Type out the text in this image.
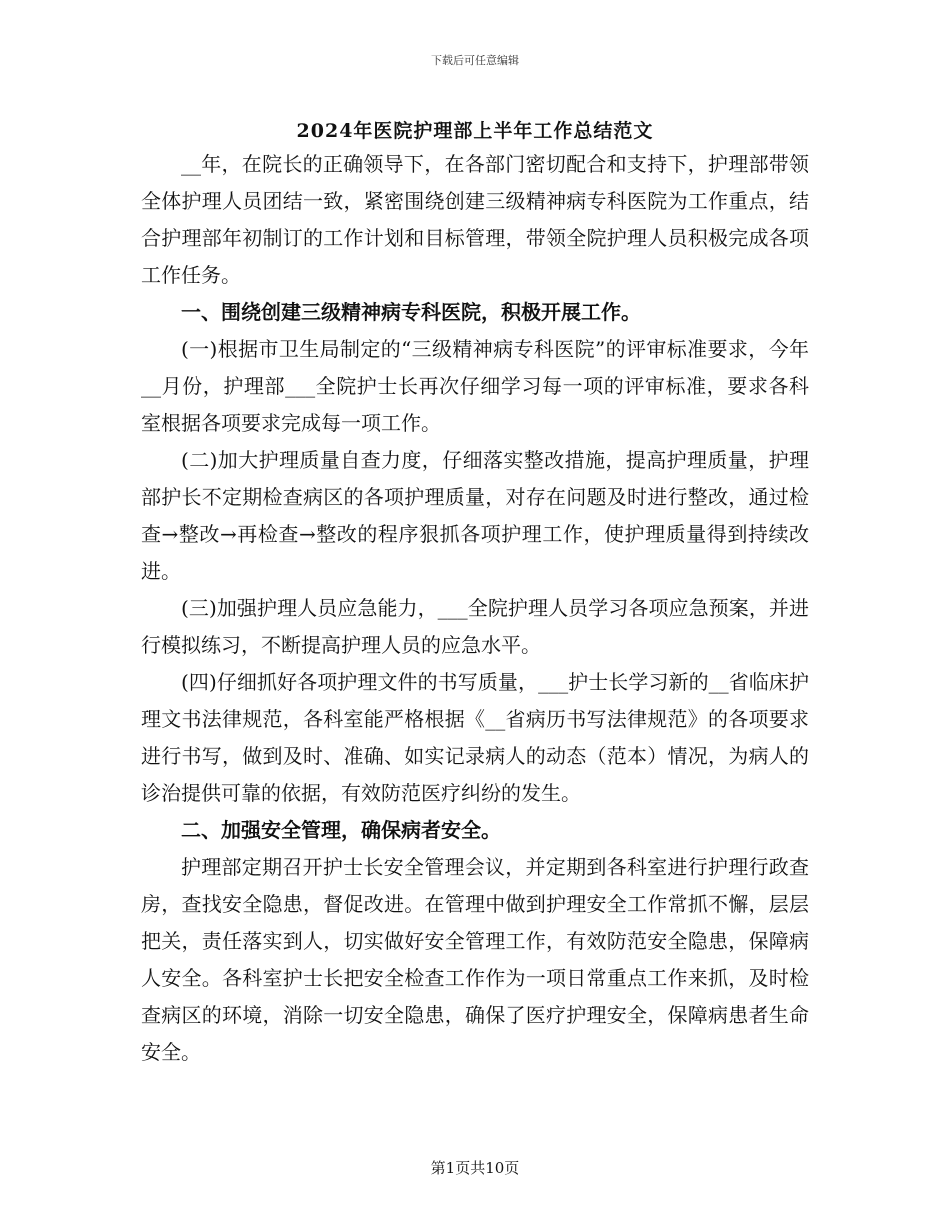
下载后可任意编辑
2024年医院护理部上半年工作总结范文

__年，在院长的正确领导下，在各部门密切配合和支持下，护理部带领全体护理人员团结一致，紧密围绕创建三级精神病专科医院为工作重点，结合护理部年初制订的工作计划和目标管理，带领全院护理人员积极完成各项工作任务。

一、围绕创建三级精神病专科医院，积极开展工作。

(一)根据市卫生局制定的“三级精神病专科医院”的评审标准要求，今年__月份，护理部___全院护士长再次仔细学习每一项的评审标准，要求各科室根据各项要求完成每一项工作。

(二)加大护理质量自查力度，仔细落实整改措施，提高护理质量，护理部护长不定期检查病区的各项护理质量，对存在问题及时进行整改，通过检查→整改→再检查→整改的程序狠抓各项护理工作，使护理质量得到持续改进。

(三)加强护理人员应急能力，___全院护理人员学习各项应急预案，并进行模拟练习，不断提高护理人员的应急水平。

(四)仔细抓好各项护理文件的书写质量，___护士长学习新的__省临床护理文书法律规范，各科室能严格根据《__省病历书写法律规范》的各项要求进行书写，做到及时、准确、如实记录病人的动态（范本）情况，为病人的诊治提供可靠的依据，有效防范医疗纠纷的发生。

二、加强安全管理，确保病者安全。

护理部定期召开护士长安全管理会议，并定期到各科室进行护理行政查房，查找安全隐患，督促改进。在管理中做到护理安全工作常抓不懈，层层把关，责任落实到人，切实做好安全管理工作，有效防范安全隐患，保障病人安全。各科室护士长把安全检查工作作为一项日常重点工作来抓，及时检查病区的环境，消除一切安全隐患，确保了医疗护理安全，保障病患者生命安全。

第1页共10页
